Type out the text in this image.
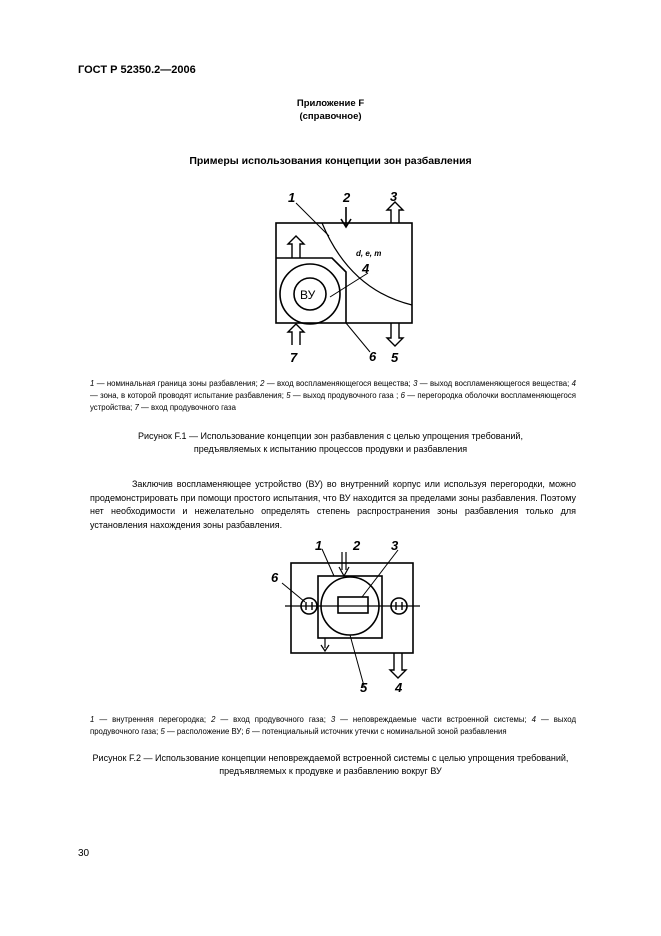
ГОСТ Р 52350.2—2006
Приложение F
(справочное)
Примеры использования концепции зон разбавления
1	2	3
4
5
6
7
ВУ
d, e, m
1 2 3
4
5
6
1 — номинальная граница зоны разбавления; 2 — вход воспламеняющегося вещества; 3 — выход воспламеняющегося вещества; 4 — зона, в которой проводят испытание разбавления; 5 — выход продувочного газа ; 6 — перегородка оболочки воспламеняющегося устройства; 7 — вход продувочного газа
Рисунок F.1 — Использование концепции зон разбавления с целью упрощения требований,
предъявляемых к испытанию процессов продувки и разбавления
Заключив воспламеняющее устройство (ВУ) во внутренний корпус или используя перегородки, можно продемонстрировать при помощи простого испытания, что ВУ находится за пределами зоны разбавления. Поэтому нет необходимости и нежелательно определять степень распространения зоны разбавления только для установления нахождения зоны разбавления.
1 — внутренняя перегородка; 2 — вход продувочного газа; 3 — неповреждаемые части встроенной системы; 4 — выход продувочного газа; 5 — расположение ВУ; 6 — потенциальный источник утечки с номинальной зоной разбавления
Рисунок F.2 — Использование концепции неповреждаемой встроенной системы с целью упрощения требований,
предъявляемых к продувке и разбавлению вокруг ВУ
30
